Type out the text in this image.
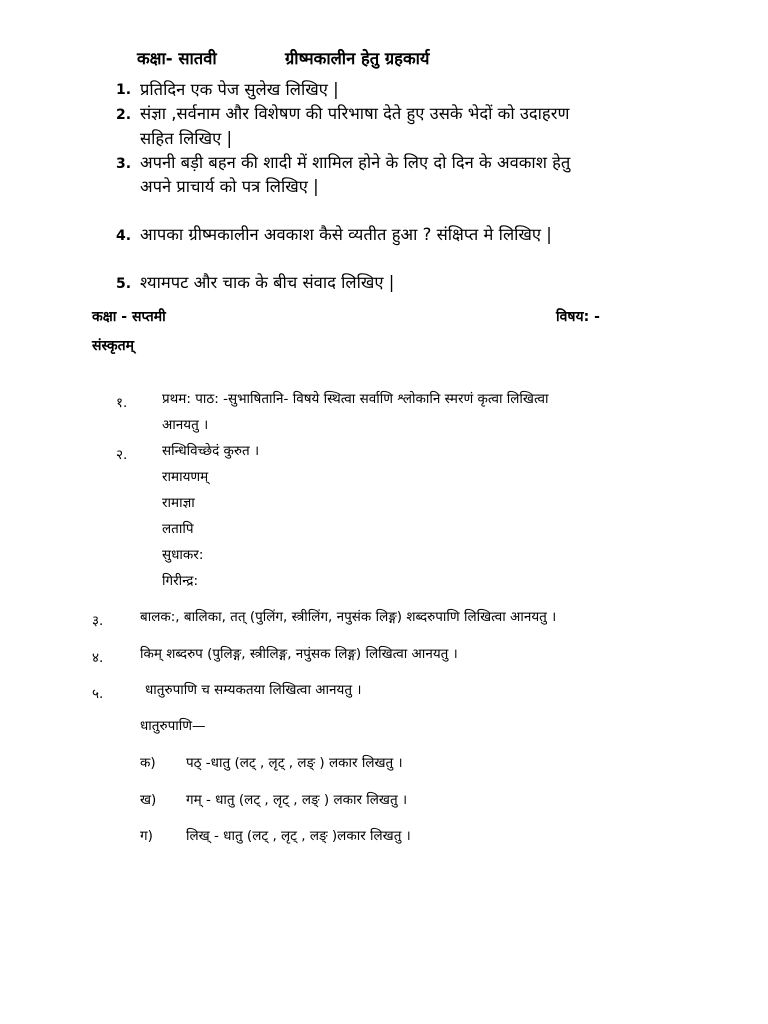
कक्षा- सातवी	ग्रीष्मकालीन हेतु ग्रहकार्य
1. प्रतिदिन एक पेज सुलेख लिखिए |
2. संज्ञा ,सर्वनाम और विशेषण की परिभाषा देते हुए उसके भेदों को उदाहरण
सहित लिखिए |
3. अपनी बड़ी बहन की शादी में शामिल होने के लिए दो दिन के अवकाश हेतु
अपने प्राचार्य को पत्र लिखिए |
4. आपका ग्रीष्मकालीन अवकाश कैसे व्यतीत हुआ ? संक्षिप्त मे लिखिए |
5. श्यामपट और चाक के बीच संवाद लिखिए |
कक्षा - सप्तमी	विषय: -
संस्कृतम्
१.	प्रथम: पाठ: -सुभाषितानि- विषये स्थित्वा सर्वाणि श्लोकानि स्मरणं कृत्वा लिखित्वा
आनयतु ।
२.	सन्धिविच्छेदं कुरुत ।
रामायणम्
रामाज्ञा
लतापि
सुधाकर:
गिरीन्द्र:
३.	बालक:, बालिका, तत् (पुलिंग, स्त्रीलिंग, नपुसंक लिङ्ग) शब्दरुपाणि लिखित्वा आनयतु ।
४.	किम् शब्दरुप (पुलिङ्ग, स्त्रीलिङ्ग, नपुंसक लिङ्ग) लिखित्वा आनयतु ।
५.	धातुरुपाणि च सम्यकतया लिखित्वा आनयतु ।
धातुरुपाणि—
क) पठ् -धातु (लट् , लृट् , लङ् ) लकार लिखतु ।
ख) गम् - धातु (लट् , लृट् , लङ् ) लकार लिखतु ।
ग) लिख् - धातु (लट् , लृट् , लङ् )लकार लिखतु ।
